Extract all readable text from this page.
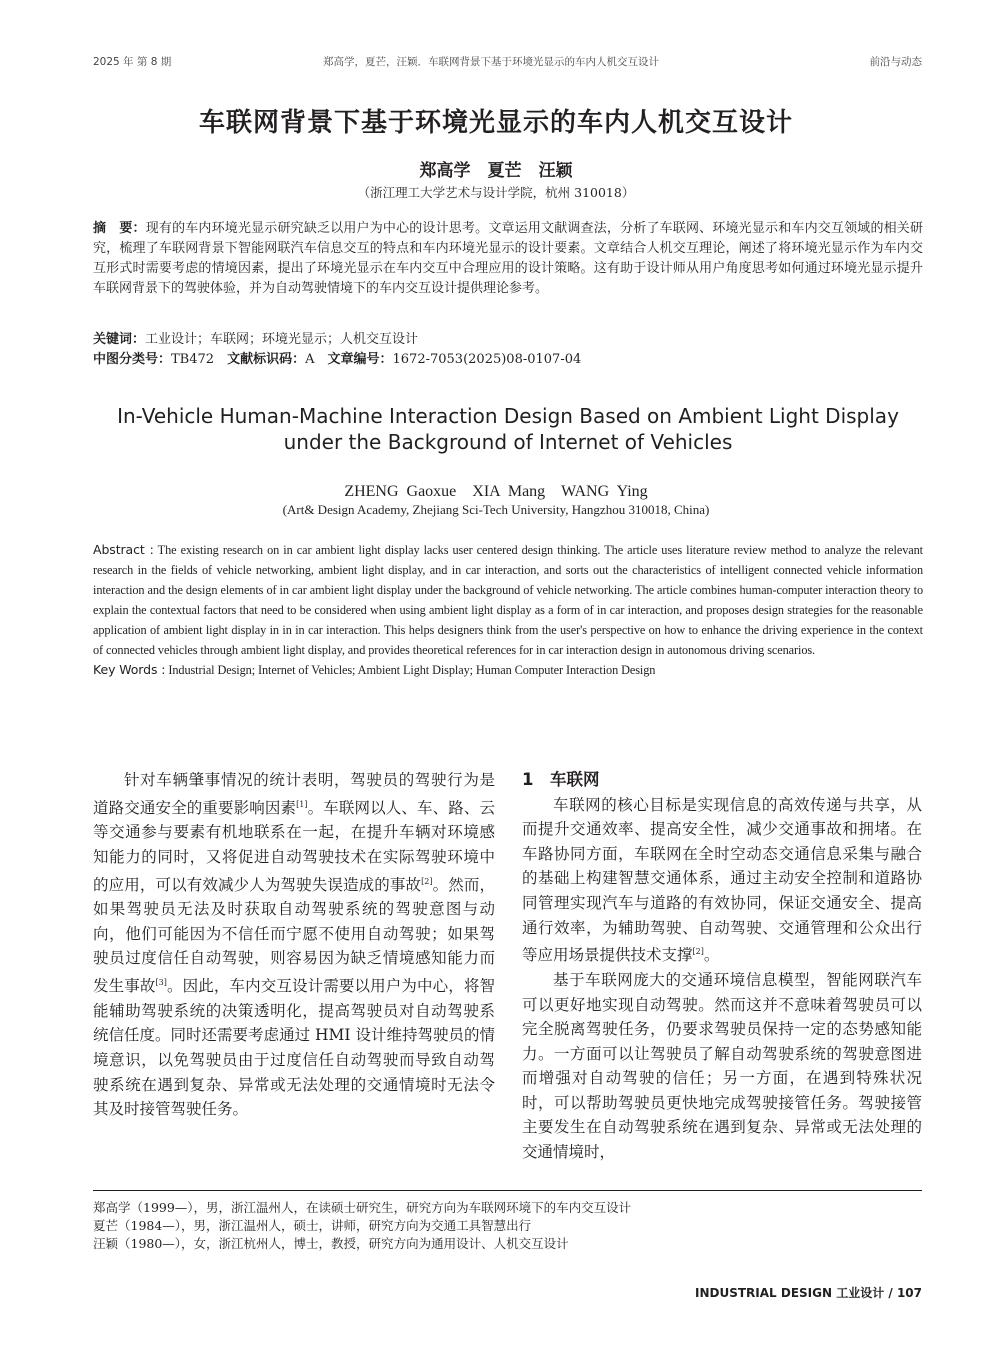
2025 年 第 8 期	郑高学，夏芒，汪颖．车联网背景下基于环境光显示的车内人机交互设计	前沿与动态
车联网背景下基于环境光显示的车内人机交互设计
郑高学　夏芒　汪颖
（浙江理工大学艺术与设计学院，杭州 310018）
摘　要：现有的车内环境光显示研究缺乏以用户为中心的设计思考。文章运用文献调查法，分析了车联网、环境光显示和车内交互领域的相关研究，梳理了车联网背景下智能网联汽车信息交互的特点和车内环境光显示的设计要素。文章结合人机交互理论，阐述了将环境光显示作为车内交互形式时需要考虑的情境因素，提出了环境光显示在车内交互中合理应用的设计策略。这有助于设计师从用户角度思考如何通过环境光显示提升车联网背景下的驾驶体验，并为自动驾驶情境下的车内交互设计提供理论参考。
关键词：工业设计；车联网；环境光显示；人机交互设计
中图分类号：TB472　 文献标识码：A　 文章编号：1672-7053(2025)08-0107-04
In-Vehicle Human-Machine Interaction Design Based on Ambient Light Display under the Background of Internet of Vehicles
ZHENG Gaoxue　XIA Mang　WANG Ying
(Art& Design Academy, Zhejiang Sci-Tech University, Hangzhou 310018, China)
Abstract : The existing research on in car ambient light display lacks user centered design thinking. The article uses literature review method to analyze the relevant research in the fields of vehicle networking, ambient light display, and in car interaction, and sorts out the characteristics of intelligent connected vehicle information interaction and the design elements of in car ambient light display under the background of vehicle networking. The article combines human-computer interaction theory to explain the contextual factors that need to be considered when using ambient light display as a form of in car interaction, and proposes design strategies for the reasonable application of ambient light display in in in car interaction. This helps designers think from the user's perspective on how to enhance the driving experience in the context of connected vehicles through ambient light display, and provides theoretical references for in car interaction design in autonomous driving scenarios.
Key Words : Industrial Design; Internet of Vehicles; Ambient Light Display; Human Computer Interaction Design

针对车辆肇事情况的统计表明，驾驶员的驾驶行为是道路交通安全的重要影响因素[1]。车联网以人、车、路、云等交通参与要素有机地联系在一起，在提升车辆对环境感知能力的同时，又将促进自动驾驶技术在实际驾驶环境中的应用，可以有效减少人为驾驶失误造成的事故[2]。然而，如果驾驶员无法及时获取自动驾驶系统的驾驶意图与动向，他们可能因为不信任而宁愿不使用自动驾驶；如果驾驶员过度信任自动驾驶，则容易因为缺乏情境感知能力而发生事故[3]。因此，车内交互设计需要以用户为中心，将智能辅助驾驶系统的决策透明化，提高驾驶员对自动驾驶系统信任度。同时还需要考虑通过 HMI 设计维持驾驶员的情境意识，以免驾驶员由于过度信任自动驾驶而导致自动驾驶系统在遇到复杂、异常或无法处理的交通情境时无法令其及时接管驾驶任务。

1　车联网

车联网的核心目标是实现信息的高效传递与共享，从而提升交通效率、提高安全性，减少交通事故和拥堵。在车路协同方面，车联网在全时空动态交通信息采集与融合的基础上构建智慧交通体系，通过主动安全控制和道路协同管理实现汽车与道路的有效协同，保证交通安全、提高通行效率，为辅助驾驶、自动驾驶、交通管理和公众出行等应用场景提供技术支撑[2]。

基于车联网庞大的交通环境信息模型，智能网联汽车可以更好地实现自动驾驶。然而这并不意味着驾驶员可以完全脱离驾驶任务，仍要求驾驶员保持一定的态势感知能力。一方面可以让驾驶员了解自动驾驶系统的驾驶意图进而增强对自动驾驶的信任；另一方面，在遇到特殊状况时，可以帮助驾驶员更快地完成驾驶接管任务。驾驶接管主要发生在自动驾驶系统在遇到复杂、异常或无法处理的交通情境时，

郑高学（1999—），男，浙江温州人，在读硕士研究生，研究方向为车联网环境下的车内交互设计
夏芒（1984—），男，浙江温州人，硕士，讲师，研究方向为交通工具智慧出行
汪颖（1980—），女，浙江杭州人，博士，教授，研究方向为通用设计、人机交互设计
INDUSTRIAL DESIGN 工业设计 / 107
